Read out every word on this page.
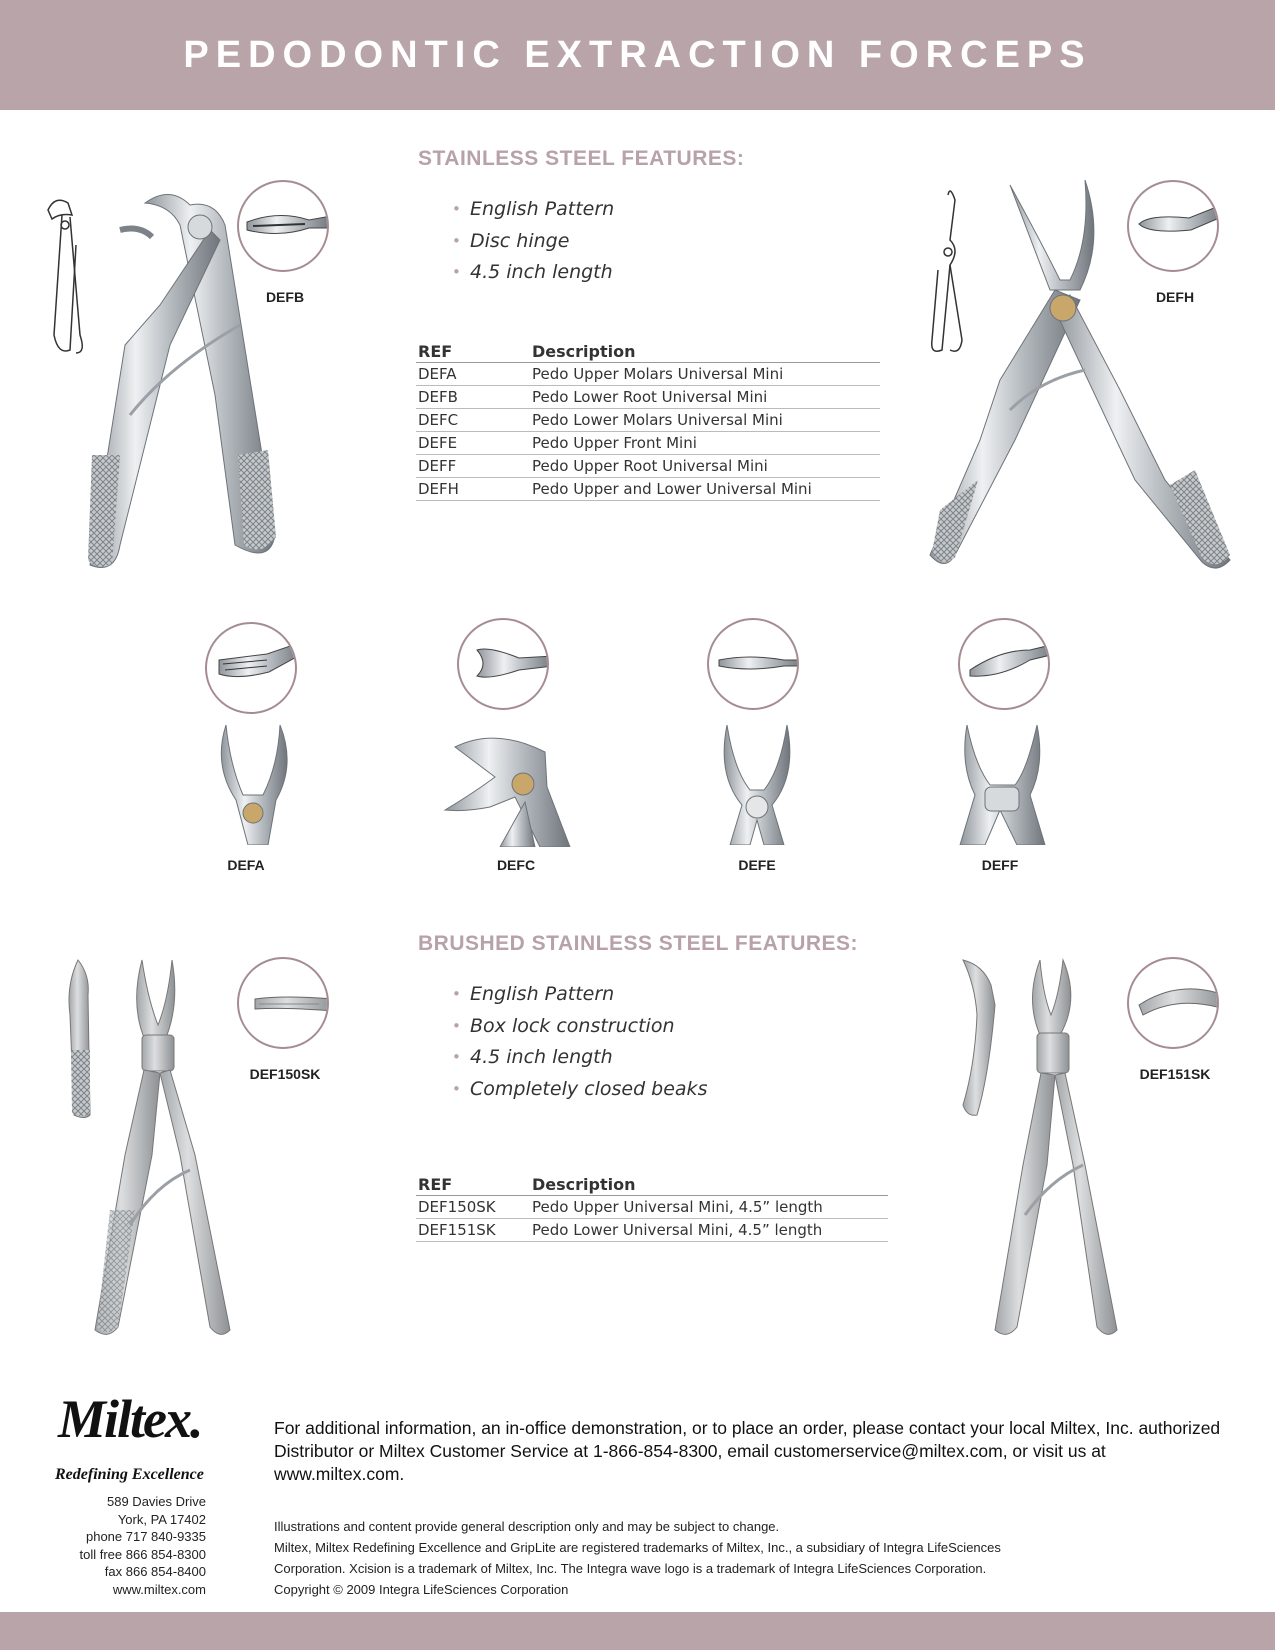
PEDODONTIC EXTRACTION FORCEPS
STAINLESS STEEL FEATURES:
• English Pattern
• Disc hinge
• 4.5 inch length
REF	Description
DEFA	Pedo Upper Molars Universal Mini
DEFB	Pedo Lower Root Universal Mini
DEFC	Pedo Lower Molars Universal Mini
DEFE	Pedo Upper Front Mini
DEFF	Pedo Upper Root Universal Mini
DEFH	Pedo Upper and Lower Universal Mini
DEFB	DEFH
DEFA	DEFC	DEFE	DEFF
BRUSHED STAINLESS STEEL FEATURES:
• English Pattern
• Box lock construction
• 4.5 inch length
• Completely closed beaks
REF	Description
DEF150SK	Pedo Upper Universal Mini, 4.5” length
DEF151SK	Pedo Lower Universal Mini, 4.5” length
DEF150SK	DEF151SK
Miltex.
Redefining Excellence
589 Davies Drive
York, PA 17402
phone 717 840-9335
toll free 866 854-8300
fax 866 854-8400
www.miltex.com

For additional information, an in-office demonstration, or to place an order, please contact your local Miltex, Inc. authorized Distributor or Miltex Customer Service at 1-866-854-8300, email customerservice@miltex.com, or visit us at www.miltex.com.

Illustrations and content provide general description only and may be subject to change.
Miltex, Miltex Redefining Excellence and GripLite are registered trademarks of Miltex, Inc., a subsidiary of Integra LifeSciences
Corporation. Xcision is a trademark of Miltex, Inc. The Integra wave logo is a trademark of Integra LifeSciences Corporation.
Copyright © 2009 Integra LifeSciences Corporation
